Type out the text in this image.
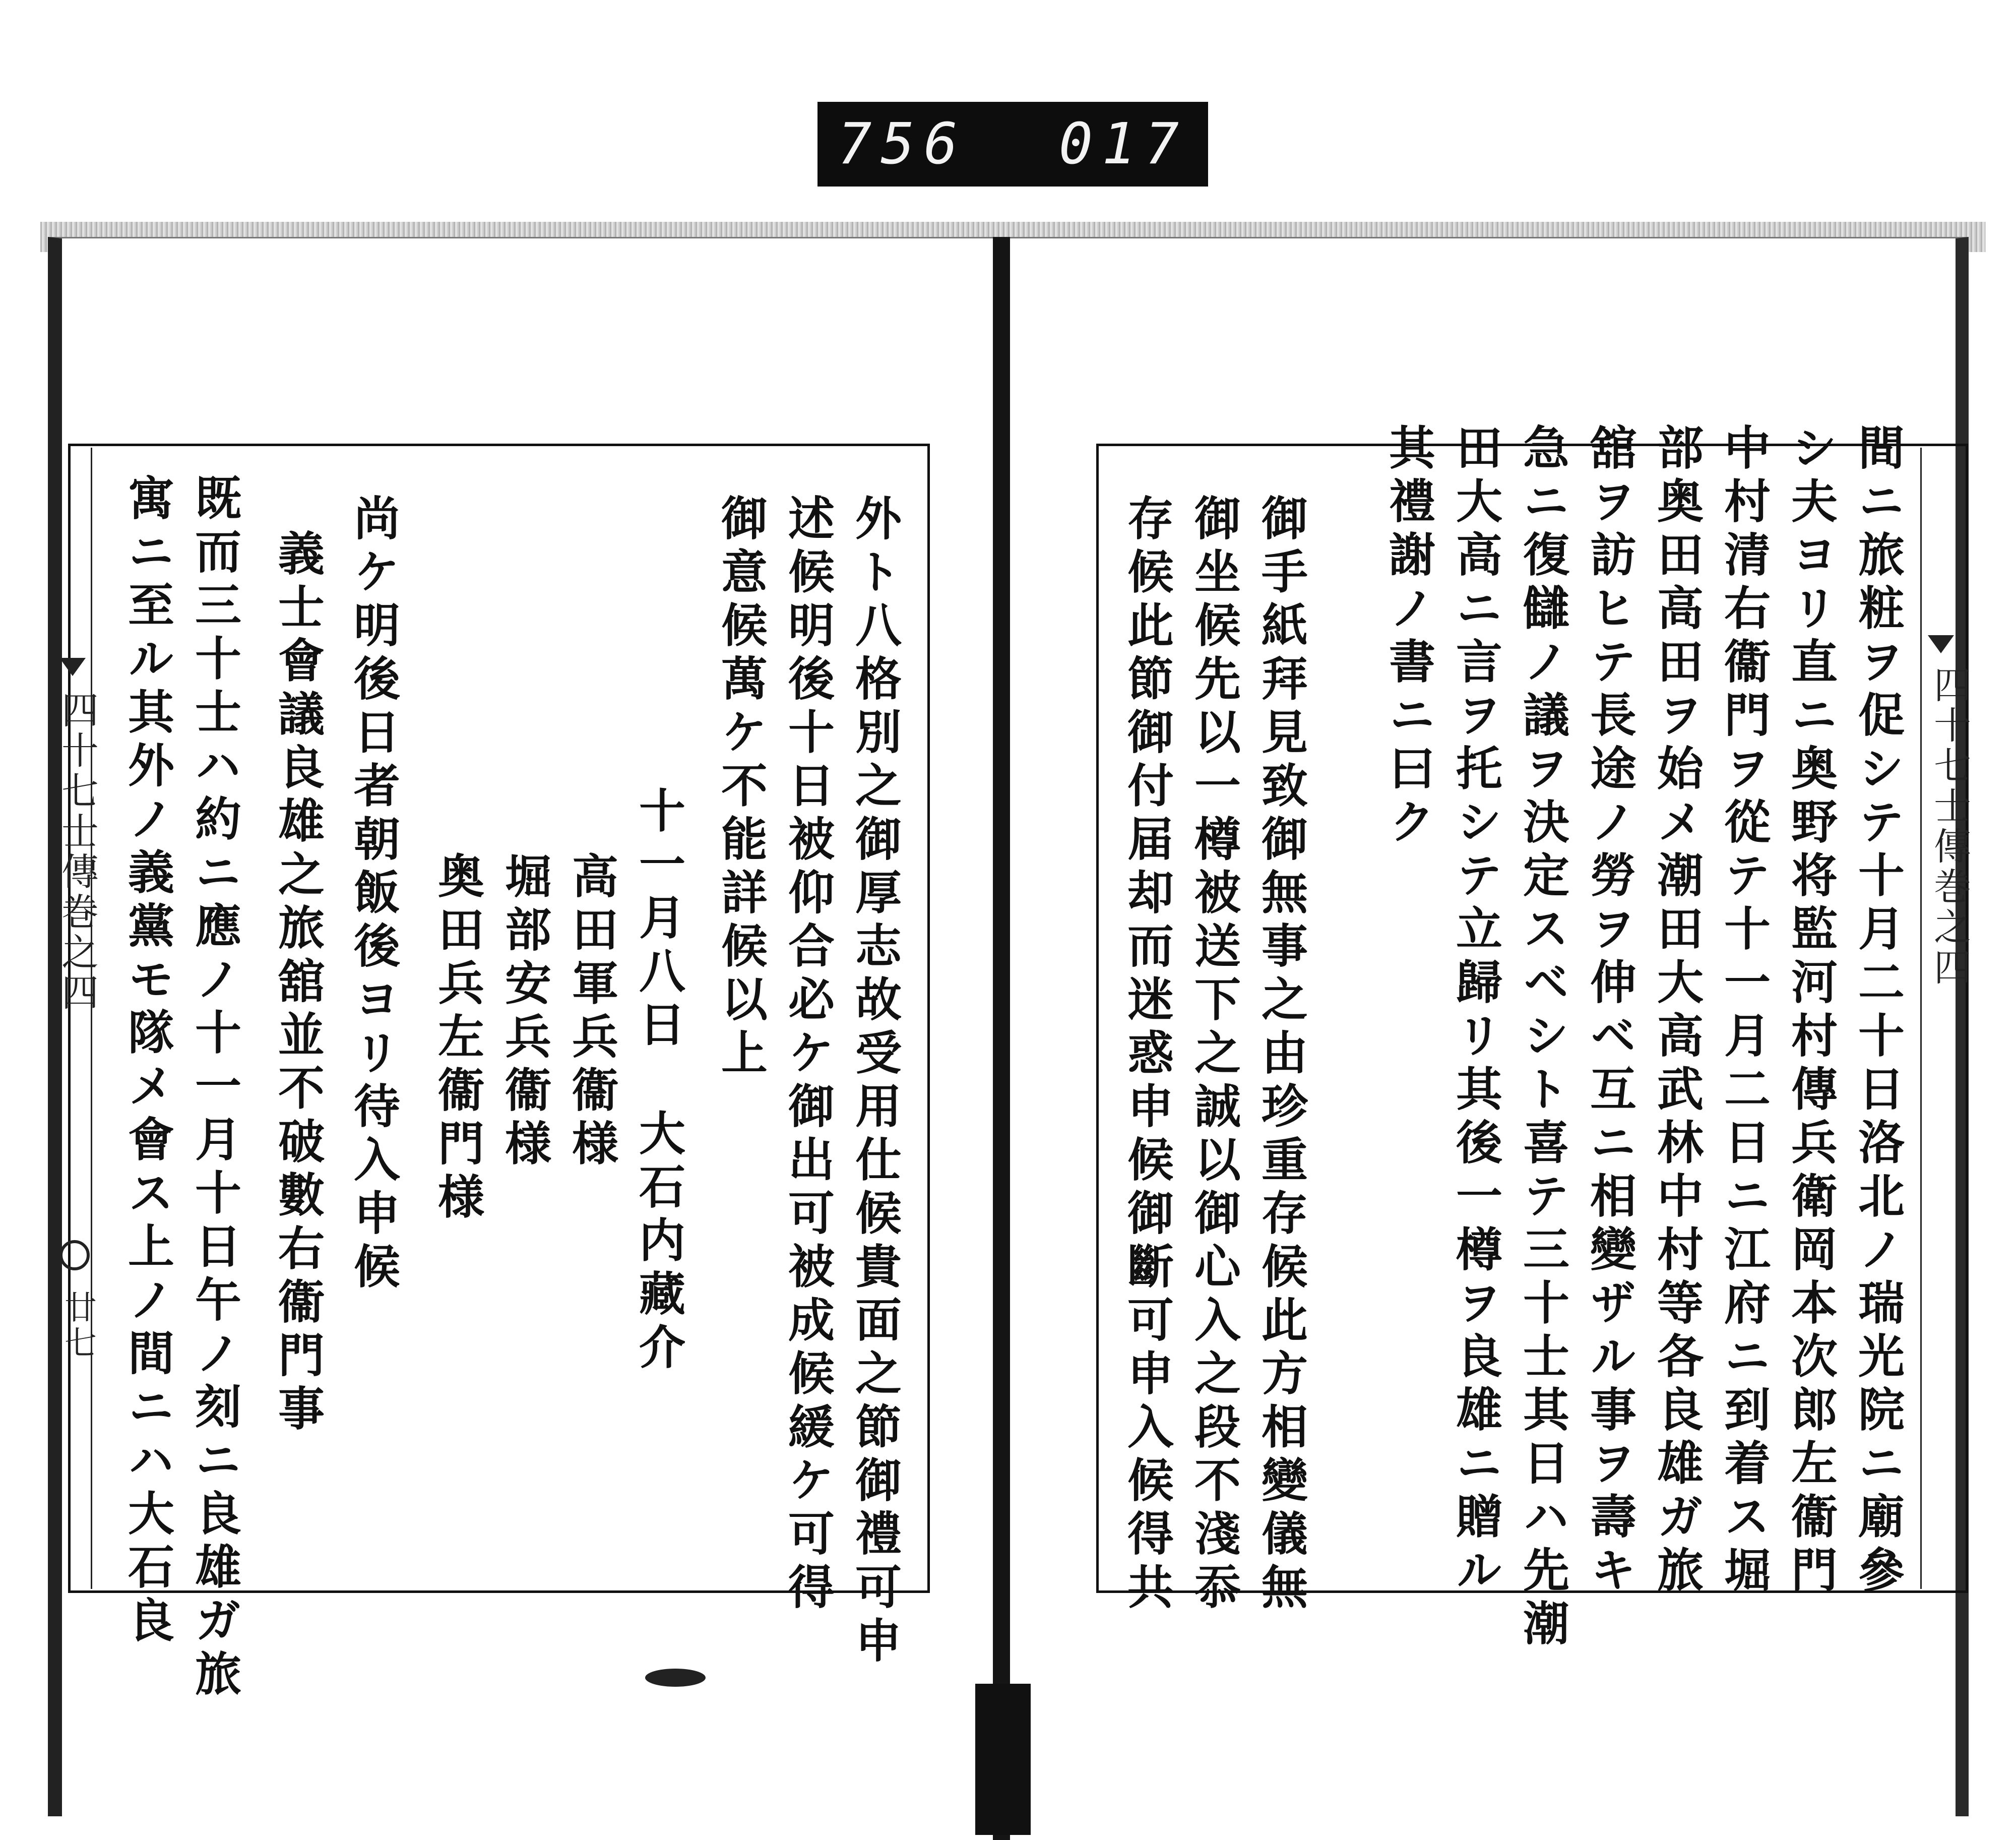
756 017
四十七士傳巻之四
廿七
四十七士傳巻之四
間ニ旅粧ヲ促シテ十月二十日洛北ノ瑞光院ニ廟參
シ夫ヨリ直ニ奥野将監河村傳兵衛岡本次郎左衞門
中村清右衞門ヲ從テ十一月二日ニ江府ニ到着ス堀
部奥田高田ヲ始メ潮田大高武林中村等各良雄ガ旅
舘ヲ訪ヒテ長途ノ勞ヲ伸ベ互ニ相變ザル事ヲ壽キ
急ニ復讎ノ議ヲ決定スベシト喜テ三十士其日ハ先潮
田大高ニ言ヲ托シテ立歸リ其後一樽ヲ良雄ニ贈ル
其禮謝ノ書ニ曰ク
御手紙拜見致御無事之由珍重存候此方相變儀無
御坐候先以一樽被送下之誠以御心入之段不淺忝
存候此節御付届却而迷惑申候御斷可申入候得共
外ト八格別之御厚志故受用仕候貴面之節御禮可申
述候明後十日被仰合必ケ御出可被成候緩ケ可得
御意候萬ケ不能詳候以上
十一月八日
大石内藏介
高田軍兵衞様
堀部安兵衞様
奥田兵左衞門様
尚ケ明後日者朝飯後ヨリ待入申候
義士會議良雄之旅舘並不破數右衞門事
既而三十士ハ約ニ應ノ十一月十日午ノ刻ニ良雄ガ旅
寓ニ至ル其外ノ義黨モ隊メ會ス上ノ間ニハ大石良
